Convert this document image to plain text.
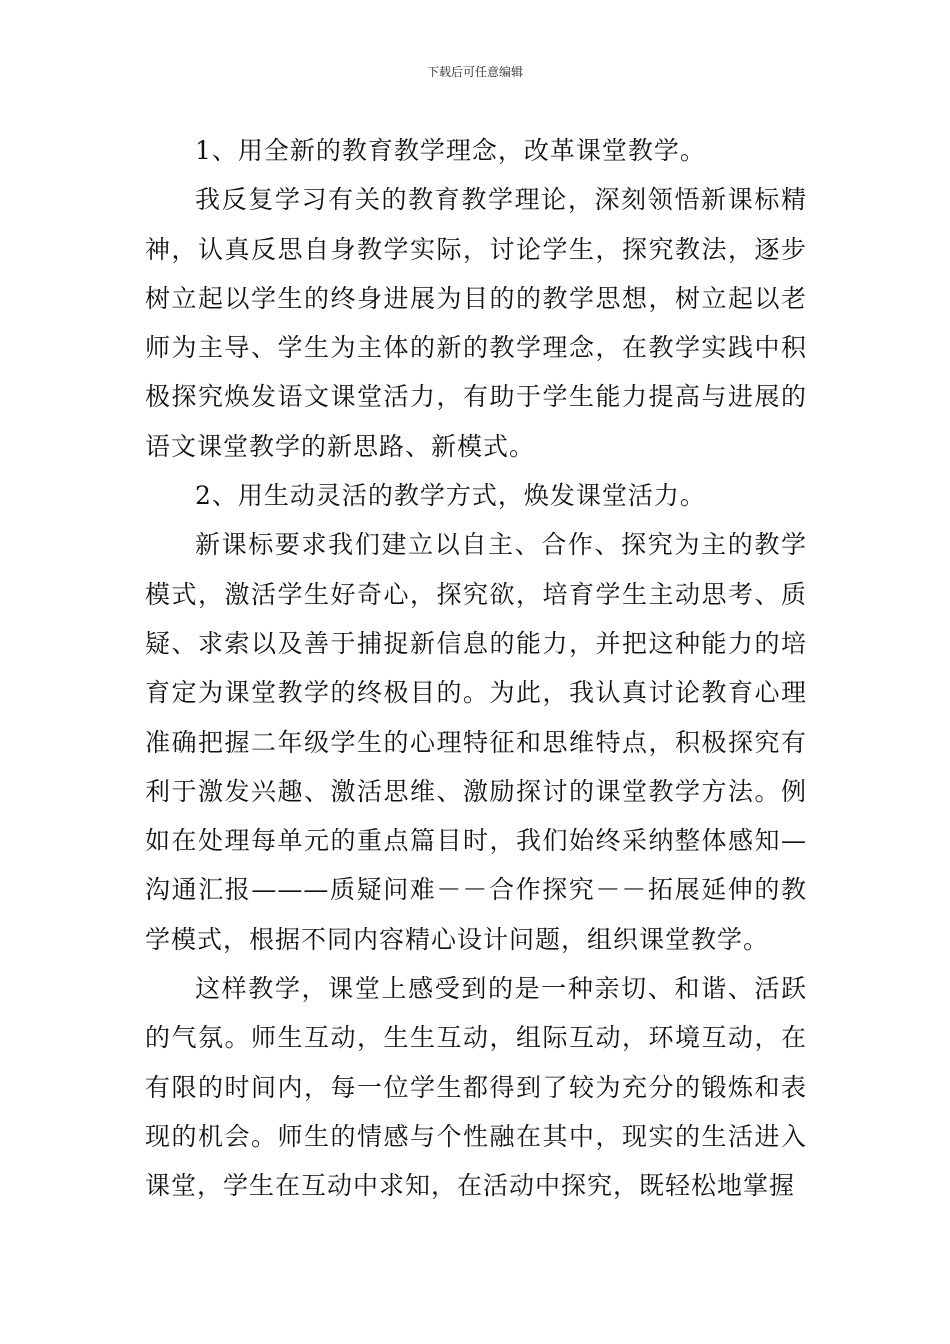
下载后可任意编辑

1、用全新的教育教学理念，改革课堂教学。

我反复学习有关的教育教学理论，深刻领悟新课标精神，认真反思自身教学实际，讨论学生，探究教法，逐步树立起以学生的终身进展为目的的教学思想，树立起以老师为主导、学生为主体的新的教学理念，在教学实践中积极探究焕发语文课堂活力，有助于学生能力提高与进展的语文课堂教学的新思路、新模式。

2、用生动灵活的教学方式，焕发课堂活力。

新课标要求我们建立以自主、合作、探究为主的教学模式，激活学生好奇心，探究欲，培育学生主动思考、质疑、求索以及善于捕捉新信息的能力，并把这种能力的培育定为课堂教学的终极目的。为此，我认真讨论教育心理准确把握二年级学生的心理特征和思维特点，积极探究有利于激发兴趣、激活思维、激励探讨的课堂教学方法。例如在处理每单元的重点篇目时，我们始终采纳整体感知—沟通汇报———质疑问难－－合作探究－－拓展延伸的教学模式，根据不同内容精心设计问题，组织课堂教学。

这样教学，课堂上感受到的是一种亲切、和谐、活跃的气氛。师生互动，生生互动，组际互动，环境互动，在有限的时间内，每一位学生都得到了较为充分的锻炼和表现的机会。师生的情感与个性融在其中，现实的生活进入课堂，学生在互动中求知，在活动中探究，既轻松地掌握
